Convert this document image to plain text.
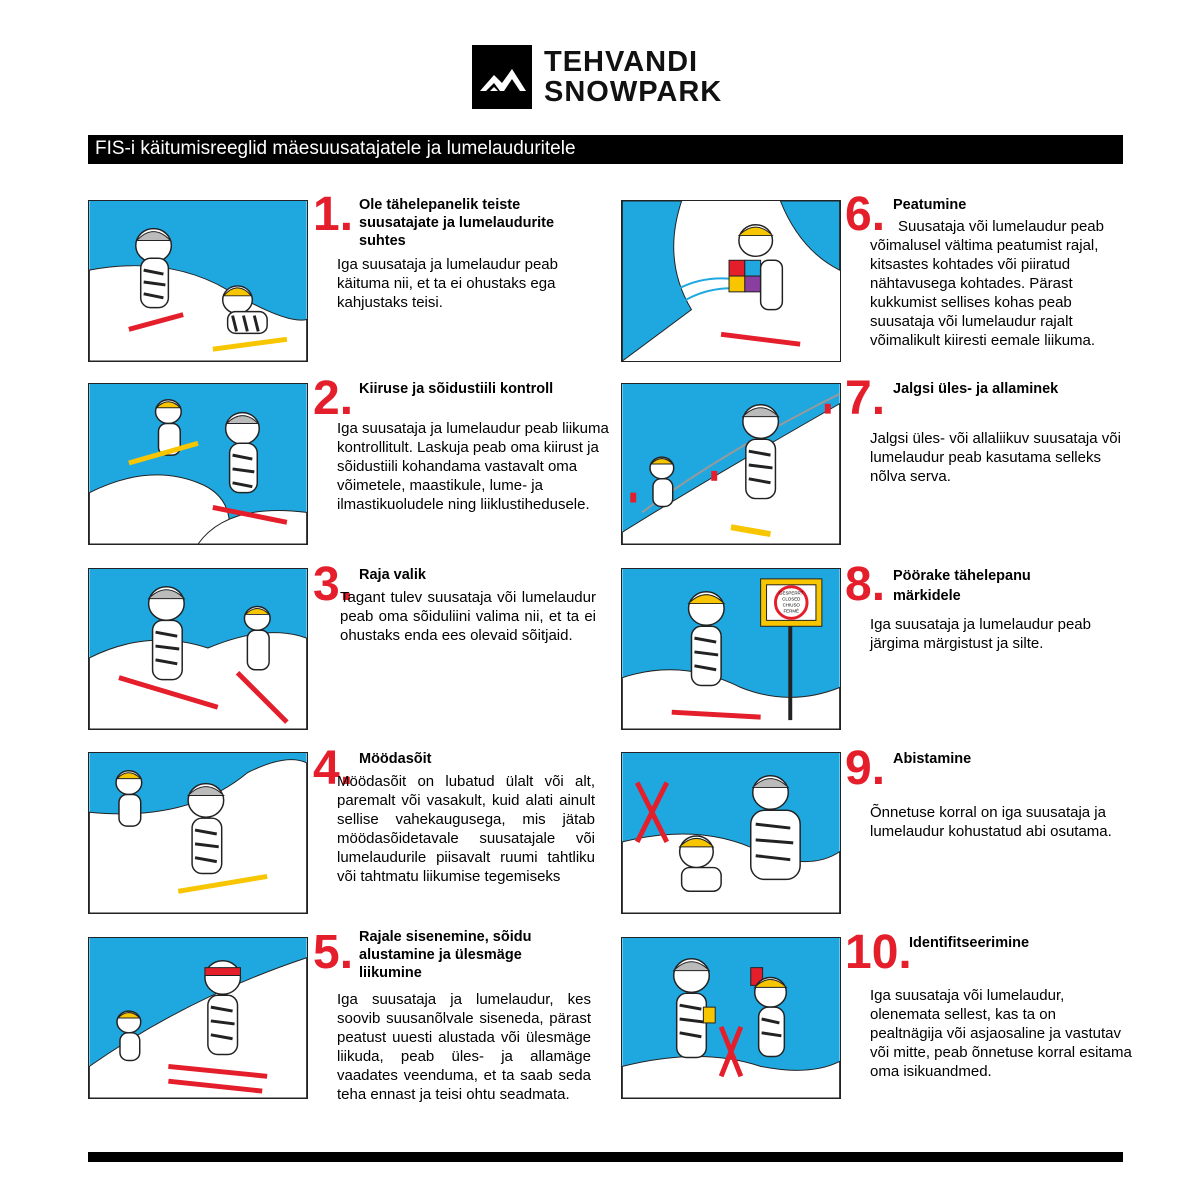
TEHVANDI
SNOWPARK
FIS-i käitumisreeglid mäesuusatajatele ja lumelauduritele
1. Ole tähelepanelik teiste suusatajate ja lumelaudurite suhtes
Iga suusataja ja lumelaudur peab käituma nii, et ta ei ohustaks ega kahjustaks teisi.
2. Kiiruse ja sõidustiili kontroll
Iga suusataja ja lumelaudur peab liikuma kontrollitult. Laskuja peab oma kiirust ja sõidustiili kohandama vastavalt oma võimetele, maastikule, lume- ja ilmastikuoludele ning liiklustihedusele.
3. Raja valik
Tagant tulev suusataja või lumelaudur peab oma sõiduliini valima nii, et ta ei ohustaks enda ees olevaid sõitjaid.
4. Möödasõit
Möödasõit on lubatud ülalt või alt, paremalt või vasakult, kuid alati ainult sellise vahekaugusega, mis jätab möödasõidetavale suusatajale või lumelaudurile piisavalt ruumi tahtliku või tahtmatu liikumise tegemiseks
5. Rajale sisenemine, sõidu alustamine ja ülesmäge liikumine
Iga suusataja ja lumelaudur, kes soovib suusanõlvale siseneda, pärast peatust uuesti alustada või ülesmäge liikuda, peab üles- ja allamäge vaadates veenduma, et ta saab seda teha ennast ja teisi ohtu seadmata.
6. Peatumine
Suusataja või lumelaudur peab võimalusel vältima peatumist rajal, kitsastes kohtades või piiratud nähtavusega kohtades. Pärast kukkumist sellises kohas peab suusataja või lumelaudur rajalt võimalikult kiiresti eemale liikuma.
7. Jalgsi üles- ja allaminek
Jalgsi üles- või allaliikuv suusataja või lumelaudur peab kasutama selleks nõlva serva.
GESPERRT
CLOSED
CHIUSO
FERMÉ 8. Pöörake tähelepanu märkidele
Iga suusataja ja lumelaudur peab järgima märgistust ja silte.
9. Abistamine
Õnnetuse korral on iga suusataja ja lumelaudur kohustatud abi osutama.
10.
Identifitseerimine
Iga suusataja või lumelaudur, olenemata sellest, kas ta on pealtnägija või asjaosaline ja vastutav või mitte, peab õnnetuse korral esitama oma isikuandmed.
